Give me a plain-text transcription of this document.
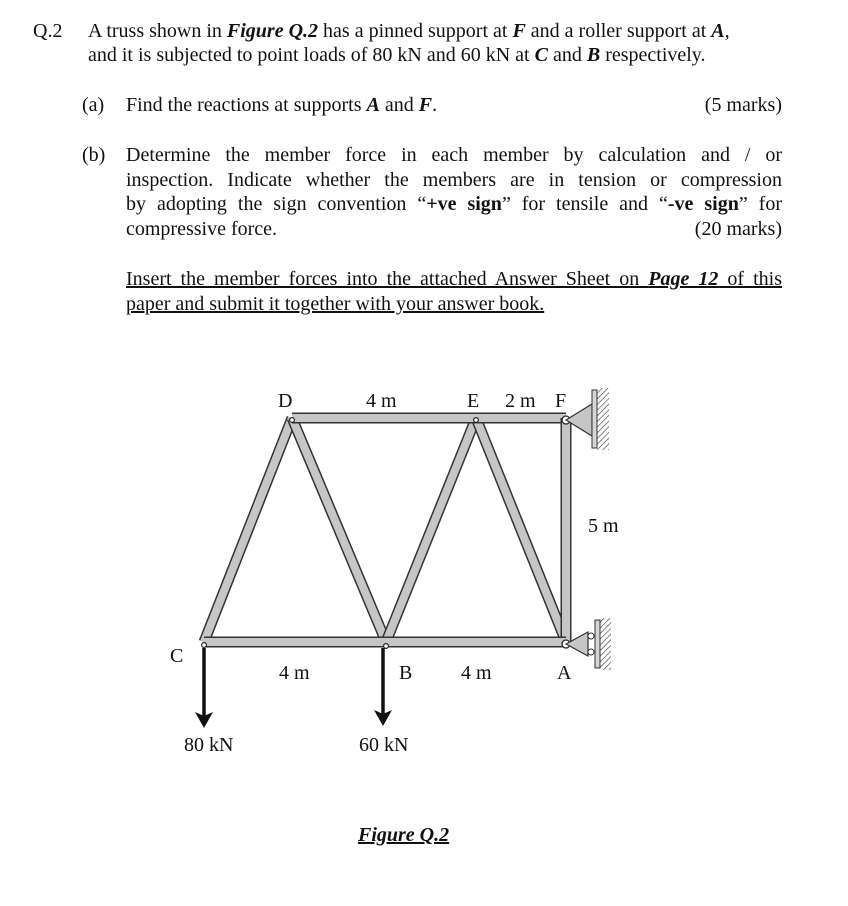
Q.2 A truss shown in Figure Q.2 has a pinned support at F and a roller support at A,
and it is subjected to point loads of 80 kN and 60 kN at C and B respectively.
(a) Find the reactions at supports A and F.	(5 marks)
(b) Determine the member force in each member by calculation and / or
inspection. Indicate whether the members are in tension or compression
by adopting the sign convention “+ve sign” for tensile and “-ve sign” for
compressive force.	(20 marks)
Insert the member forces into the attached Answer Sheet on Page 12 of this
paper and submit it together with your answer book.
D	4 m	E 2 m F
5 m
C
4 m	B 4 m	A
80 kN	60 kN
Figure Q.2
